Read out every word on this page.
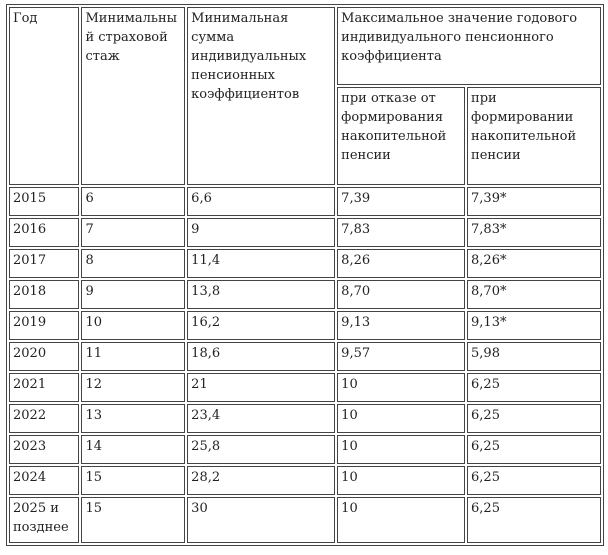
Год	Минимальный страховой стаж	Минимальная сумма индивидуальных пенсионных коэффициентов	Максимальное значение годового индивидуального пенсионного коэффициента	
			при отказе от формирования накопительной пенсии	при формировании накопительной пенсии
2015	6	6,6	7,39	7,39*
2016	7	9	7,83	7,83*
2017	8	11,4	8,26	8,26*
2018	9	13,8	8,70	8,70*
2019	10	16,2	9,13	9,13*
2020	11	18,6	9,57	5,98
2021	12	21	10	6,25
2022	13	23,4	10	6,25
2023	14	25,8	10	6,25
2024	15	28,2	10	6,25
2025 и позднее	15	30	10	6,25
